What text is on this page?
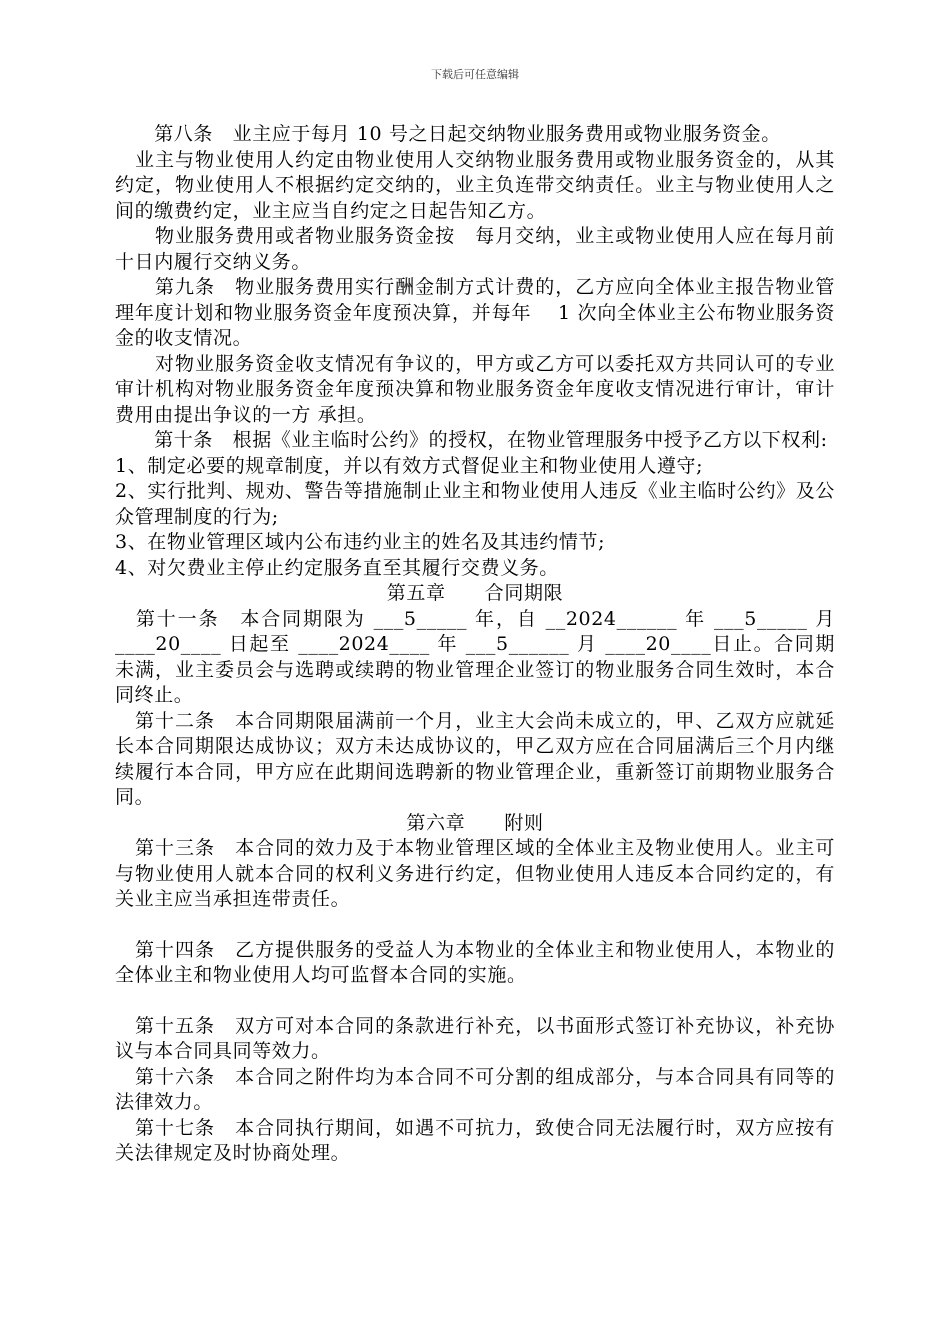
下载后可任意编辑

　　第八条　业主应于每月 10 号之日起交纳物业服务费用或物业服务资金。

　业主与物业使用人约定由物业使用人交纳物业服务费用或物业服务资金的，从其约定，物业使用人不根据约定交纳的，业主负连带交纳责任。业主与物业使用人之间的缴费约定，业主应当自约定之日起告知乙方。

　　物业服务费用或者物业服务资金按　每月交纳，业主或物业使用人应在每月前 十日内履行交纳义务。

　　第九条　物业服务费用实行酬金制方式计费的，乙方应向全体业主报告物业管理年度计划和物业服务资金年度预决算，并每年　 1 次向全体业主公布物业服务资金的收支情况。

　　对物业服务资金收支情况有争议的，甲方或乙方可以委托双方共同认可的专业审计机构对物业服务资金年度预决算和物业服务资金年度收支情况进行审计，审计费用由提出争议的一方 承担。

　　第十条　根据《业主临时公约》的授权，在物业管理服务中授予乙方以下权利:

1、制定必要的规章制度，并以有效方式督促业主和物业使用人遵守;

2、实行批判、规劝、警告等措施制止业主和物业使用人违反《业主临时公约》及公众管理制度的行为;

3、在物业管理区域内公布违约业主的姓名及其违约情节;

4、对欠费业主停止约定服务直至其履行交费义务。

第五章　　合同期限

　第十一条　本合同期限为 ___5_____ 年，自 __2024______ 年 ___5_____ 月 ____20____ 日起至 ____2024____ 年 ___5______ 月 ____20____日止。合同期未满，业主委员会与选聘或续聘的物业管理企业签订的物业服务合同生效时，本合同终止。

　第十二条　本合同期限届满前一个月，业主大会尚未成立的，甲、乙双方应就延长本合同期限达成协议；双方未达成协议的，甲乙双方应在合同届满后三个月内继续履行本合同，甲方应在此期间选聘新的物业管理企业，重新签订前期物业服务合同。

第六章　　附则

　第十三条　本合同的效力及于本物业管理区域的全体业主及物业使用人。业主可与物业使用人就本合同的权利义务进行约定，但物业使用人违反本合同约定的，有关业主应当承担连带责任。

　第十四条　乙方提供服务的受益人为本物业的全体业主和物业使用人，本物业的全体业主和物业使用人均可监督本合同的实施。

　第十五条　双方可对本合同的条款进行补充，以书面形式签订补充协议，补充协议与本合同具同等效力。

　第十六条　本合同之附件均为本合同不可分割的组成部分，与本合同具有同等的法律效力。

　第十七条　本合同执行期间，如遇不可抗力，致使合同无法履行时，双方应按有关法律规定及时协商处理。
